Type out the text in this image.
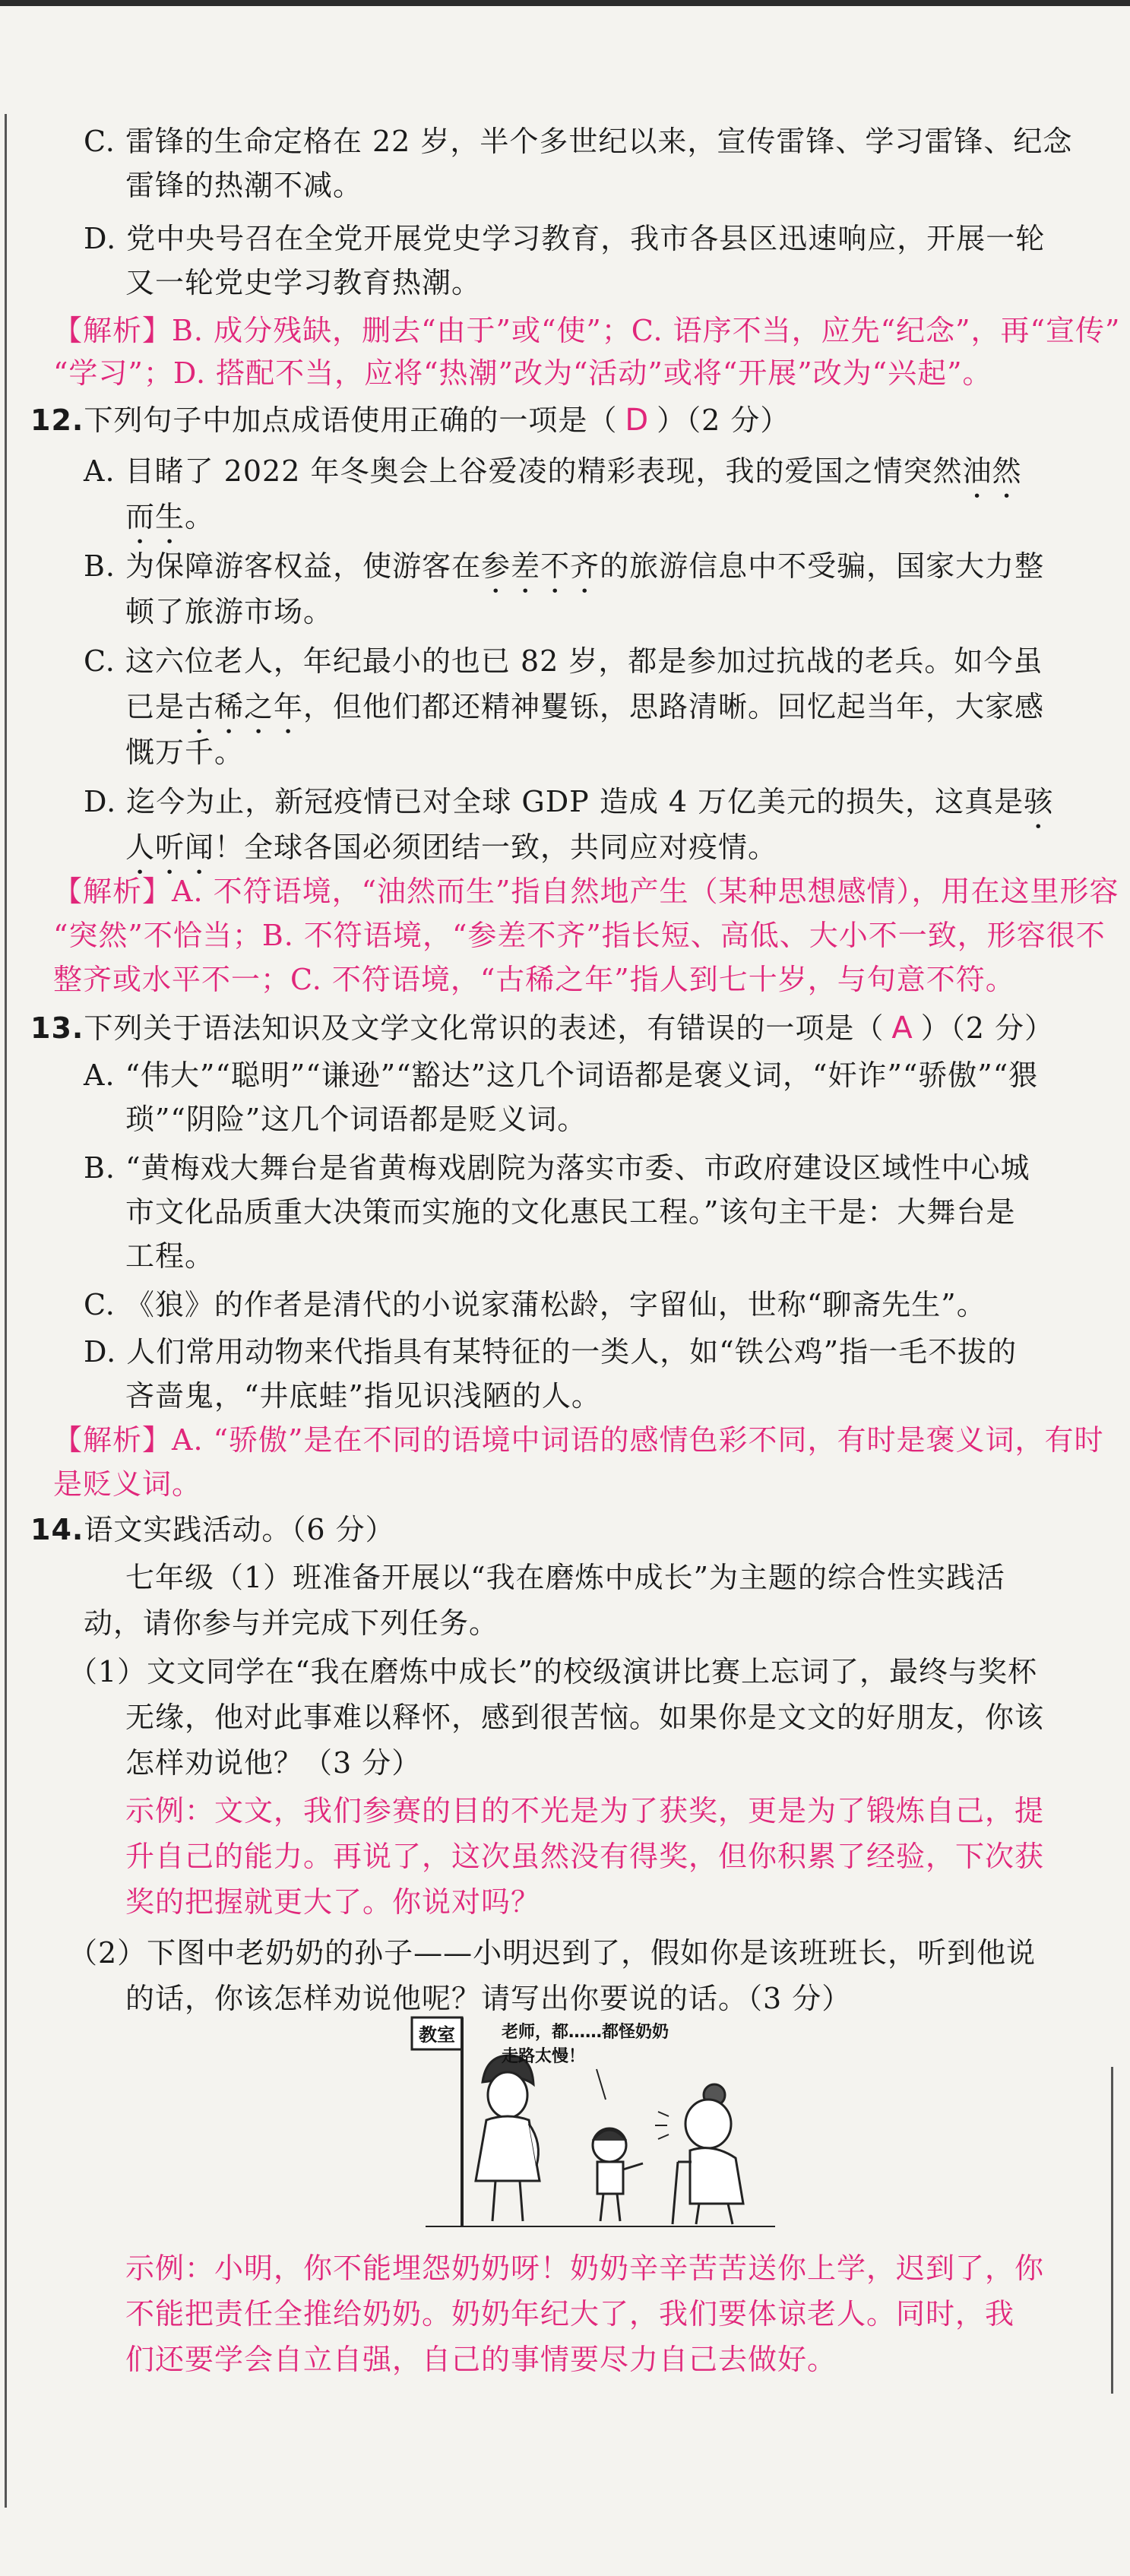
C. 雷锋的生命定格在 22 岁，半个多世纪以来，宣传雷锋、学习雷锋、纪念
雷锋的热潮不减。
D. 党中央号召在全党开展党史学习教育，我市各县区迅速响应，开展一轮
又一轮党史学习教育热潮。
【解析】B. 成分残缺，删去“由于”或“使”；C. 语序不当，应先“纪念”，再“宣传”
“学习”；D. 搭配不当，应将“热潮”改为“活动”或将“开展”改为“兴起”。
12.下列句子中加点成语使用正确的一项是（ D ）（2 分）
A. 目睹了 2022 年冬奥会上谷爱凌的精彩表现，我的爱国之情突然油然
而生。
B. 为保障游客权益，使游客在参差不齐的旅游信息中不受骗，国家大力整
顿了旅游市场。
C. 这六位老人，年纪最小的也已 82 岁，都是参加过抗战的老兵。如今虽
已是古稀之年，但他们都还精神矍铄，思路清晰。回忆起当年，大家感
慨万千。
D. 迄今为止，新冠疫情已对全球 GDP 造成 4 万亿美元的损失，这真是骇
人听闻！全球各国必须团结一致，共同应对疫情。
【解析】A. 不符语境，“油然而生”指自然地产生（某种思想感情），用在这里形容
“突然”不恰当；B. 不符语境，“参差不齐”指长短、高低、大小不一致，形容很不
整齐或水平不一；C. 不符语境，“古稀之年”指人到七十岁，与句意不符。
13.下列关于语法知识及文学文化常识的表述，有错误的一项是（ A ）（2 分）
A. “伟大”“聪明”“谦逊”“豁达”这几个词语都是褒义词，“奸诈”“骄傲”“猥
琐”“阴险”这几个词语都是贬义词。
B. “黄梅戏大舞台是省黄梅戏剧院为落实市委、市政府建设区域性中心城
市文化品质重大决策而实施的文化惠民工程。”该句主干是：大舞台是
工程。
C. 《狼》的作者是清代的小说家蒲松龄，字留仙，世称“聊斋先生”。
D. 人们常用动物来代指具有某特征的一类人，如“铁公鸡”指一毛不拔的
吝啬鬼，“井底蛙”指见识浅陋的人。
【解析】A. “骄傲”是在不同的语境中词语的感情色彩不同，有时是褒义词，有时
是贬义词。
14.语文实践活动。（6 分）
七年级（1）班准备开展以“我在磨炼中成长”为主题的综合性实践活
动，请你参与并完成下列任务。
（1）文文同学在“我在磨炼中成长”的校级演讲比赛上忘词了，最终与奖杯
无缘，他对此事难以释怀，感到很苦恼。如果你是文文的好朋友，你该
怎样劝说他？（3 分）
示例：文文，我们参赛的目的不光是为了获奖，更是为了锻炼自己，提
升自己的能力。再说了，这次虽然没有得奖，但你积累了经验，下次获
奖的把握就更大了。你说对吗？
（2）下图中老奶奶的孙子——小明迟到了，假如你是该班班长，听到他说
的话，你该怎样劝说他呢？请写出你要说的话。（3 分）
教室	老师，都……都怪奶奶
走路太慢！
示例：小明，你不能埋怨奶奶呀！奶奶辛辛苦苦送你上学，迟到了，你
不能把责任全推给奶奶。奶奶年纪大了，我们要体谅老人。同时，我
们还要学会自立自强，自己的事情要尽力自己去做好。
